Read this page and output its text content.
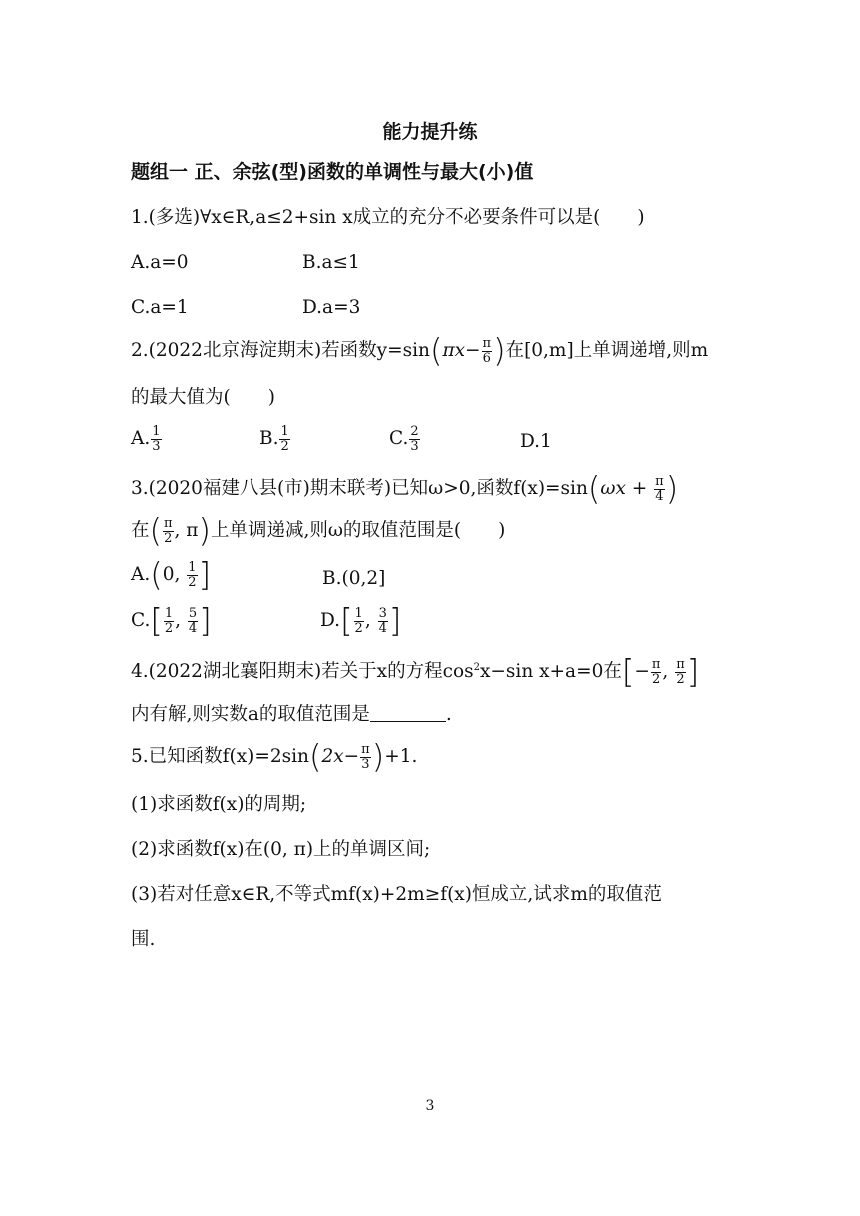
能力提升练
题组一 正、余弦(型)函数的单调性与最大(小)值
1.(多选)∀x∈R,a≤2+sin x成立的充分不必要条件可以是(　　)
A.a=0	B.a≤1
C.a=1	D.a=3
2.(2022北京海淀期末)若函数$y=\sin(\pi x- \frac{\pi}{6}$ )在[0,m]上单调递增,则m
的最大值为(　　)
A. $\frac{1}{3}$	B. $\frac{1}{2}$	C. $\frac{2}{3}$	D.1
3.(2020福建八县(市)期末联考)已知ω>0,函数$f(x)=\sin(\omega x + \frac{\pi}{4}$ )
在( $\frac{\pi}{2}$ , π)上单调递减,则ω的取值范围是(　　)
A.(0, $\frac{1}{2}$ ]	B.(0,2]
$C.[ \frac{1}{2}$ , $\frac{5}{4}$ ]	$D.[ \frac{1}{2}$ , $\frac{3}{4}$ ]
4.(2022湖北襄阳期末)若关于x的方程$\cos^2x-\sin$ x+a=0在[− $\frac{\pi}{2}$ , $\frac{\pi}{2}$ ]
内有解,则实数a的取值范围是	.
5.已知函数$f(x)=2\sin(2x- \frac{\pi}{3} )+1$.
(1)求函数f(x)的周期;
(2)求函数f(x)在(0, π)上的单调区间;
(3)若对任意x∈R,不等式mf(x)+2m≥f(x)恒成立,试求m的取值范
围.
3
